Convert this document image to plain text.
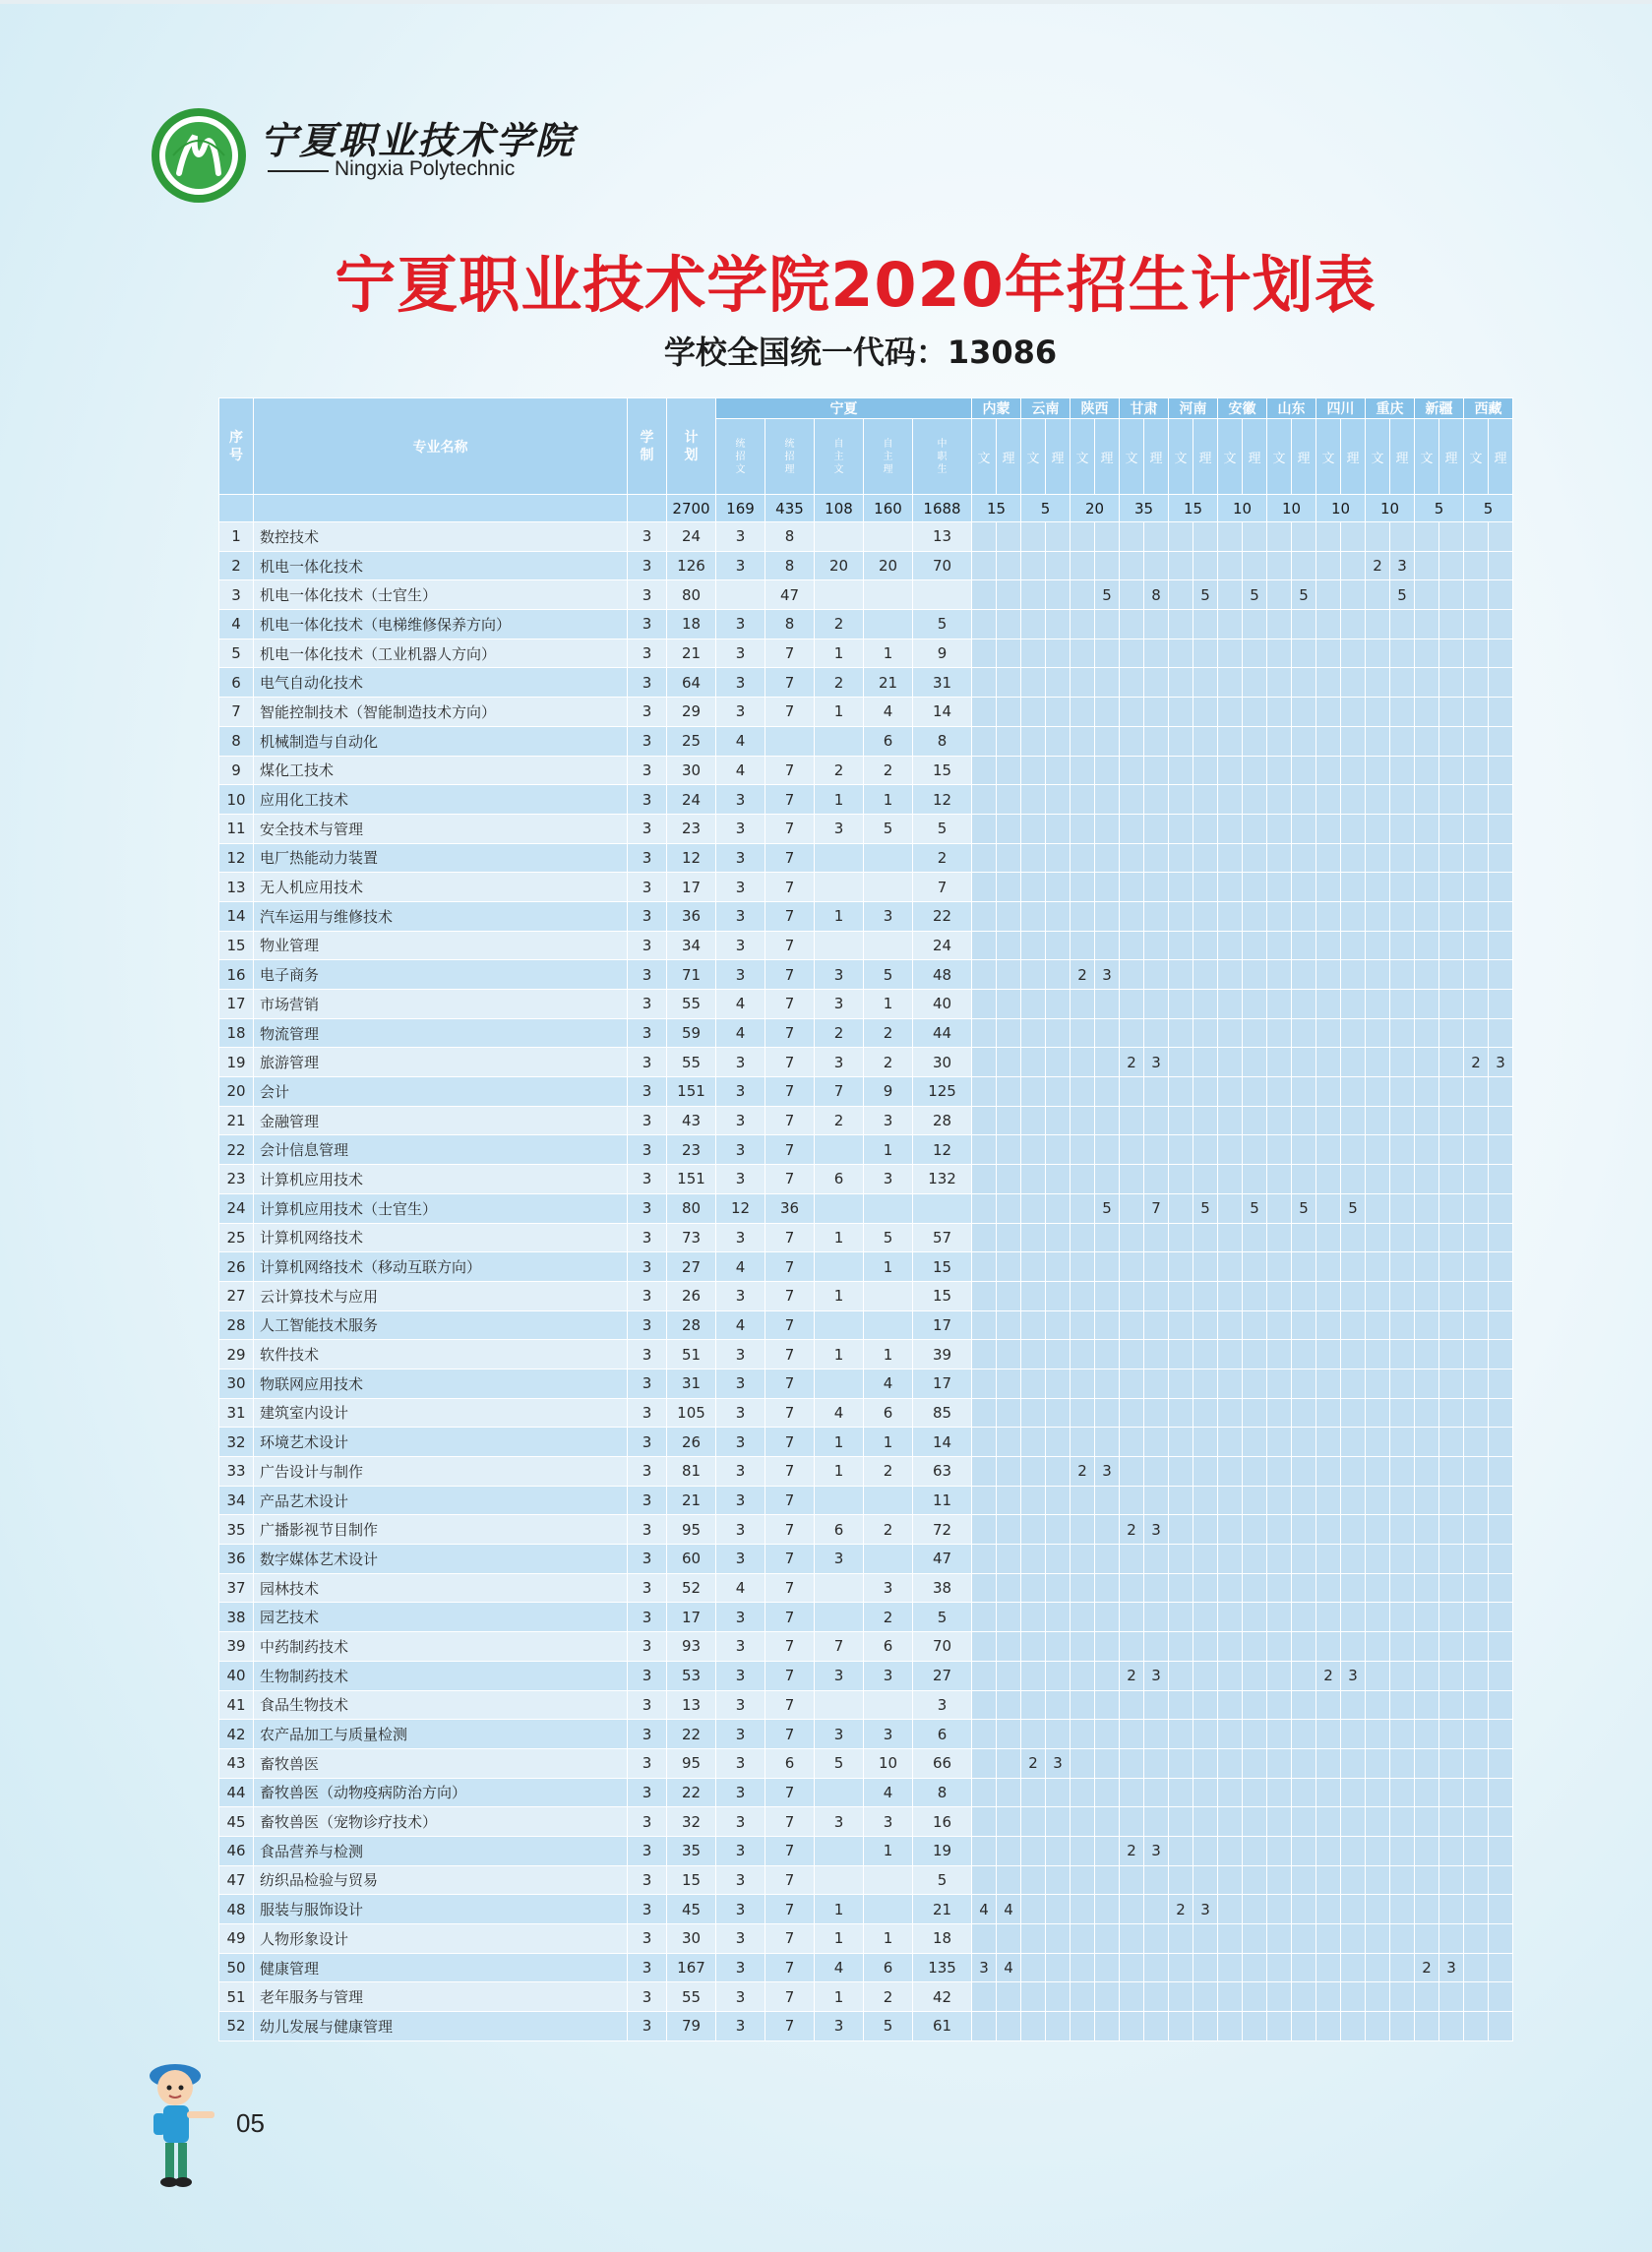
宁夏职业技术学院
Ningxia Polytechnic
宁夏职业技术学院2020年招生计划表
学校全国统一代码：13086
序号	专业名称	学制	计划	宁夏					内蒙		云南		陕西		甘肃		河南		安徽		山东		四川		重庆		新疆		西藏	

				统招文	统招理	自主文	自主理	中职生	文	理	文	理	文	理	文	理	文	理	文	理	文	理	文	理	文	理	文	理	文	理
			2700	169	435	108	160	1688	15		5		20		35		15		10		10		10		10		5		5	
1	数控技术	3	24	3	8			13																						
2	机电一体化技术	3	126	3	8	20	20	70																	2	3				
3	机电一体化技术（士官生）	3	80		47									5		8		5		5		5				5				
4	机电一体化技术（电梯维修保养方向）	3	18	3	8	2		5																						
5	机电一体化技术（工业机器人方向）	3	21	3	7	1	1	9																						
6	电气自动化技术	3	64	3	7	2	21	31																						
7	智能控制技术（智能制造技术方向）	3	29	3	7	1	4	14																						
8	机械制造与自动化	3	25	4			6	8																						
9	煤化工技术	3	30	4	7	2	2	15																						
10	应用化工技术	3	24	3	7	1	1	12																						
11	安全技术与管理	3	23	3	7	3	5	5																						
12	电厂热能动力装置	3	12	3	7			2																						
13	无人机应用技术	3	17	3	7			7																						
14	汽车运用与维修技术	3	36	3	7	1	3	22																						
15	物业管理	3	34	3	7			24																						
16	电子商务	3	71	3	7	3	5	48					2	3																
17	市场营销	3	55	4	7	3	1	40																						
18	物流管理	3	59	4	7	2	2	44																						
19	旅游管理	3	55	3	7	3	2	30							2	3													2	3
20	会计	3	151	3	7	7	9	125																						
21	金融管理	3	43	3	7	2	3	28																						
22	会计信息管理	3	23	3	7		1	12																						
23	计算机应用技术	3	151	3	7	6	3	132																						
24	计算机应用技术（士官生）	3	80	12	36									5		7		5		5		5		5						
25	计算机网络技术	3	73	3	7	1	5	57																						
26	计算机网络技术（移动互联方向）	3	27	4	7		1	15																						
27	云计算技术与应用	3	26	3	7	1		15																						
28	人工智能技术服务	3	28	4	7			17																						
29	软件技术	3	51	3	7	1	1	39																						
30	物联网应用技术	3	31	3	7		4	17																						
31	建筑室内设计	3	105	3	7	4	6	85																						
32	环境艺术设计	3	26	3	7	1	1	14																						
33	广告设计与制作	3	81	3	7	1	2	63					2	3																
34	产品艺术设计	3	21	3	7			11																						
35	广播影视节目制作	3	95	3	7	6	2	72							2	3														
36	数字媒体艺术设计	3	60	3	7	3		47																						
37	园林技术	3	52	4	7		3	38																						
38	园艺技术	3	17	3	7		2	5																						
39	中药制药技术	3	93	3	7	7	6	70																						
40	生物制药技术	3	53	3	7	3	3	27							2	3							2	3						
41	食品生物技术	3	13	3	7			3																						
42	农产品加工与质量检测	3	22	3	7	3	3	6																						
43	畜牧兽医	3	95	3	6	5	10	66			2	3																		
44	畜牧兽医（动物疫病防治方向）	3	22	3	7		4	8																						
45	畜牧兽医（宠物诊疗技术）	3	32	3	7	3	3	16																						
46	食品营养与检测	3	35	3	7		1	19							2	3														
47	纺织品检验与贸易	3	15	3	7			5																						
48	服装与服饰设计	3	45	3	7	1		21	4	4							2	3												
49	人物形象设计	3	30	3	7	1	1	18																						
50	健康管理	3	167	3	7	4	6	135	3	4																	2	3		
51	老年服务与管理	3	55	3	7	1	2	42																						
52	幼儿发展与健康管理	3	79	3	7	3	5	61																						
05
